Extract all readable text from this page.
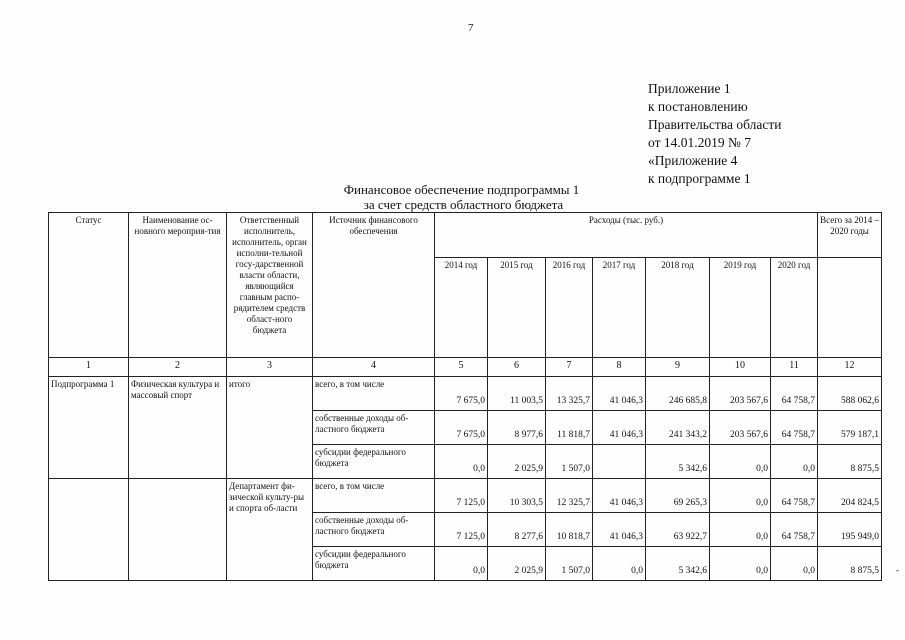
7
Приложение 1
к постановлению
Правительства области
от 14.01.2019 № 7
«Приложение 4
к подпрограмме 1
Финансовое обеспечение подпрограммы 1
за счет средств областного бюджета
Статус	Наименование ос-новного мероприя-тия	Ответственный исполнитель, исполнитель, орган исполни-тельной госу-дарственной власти области, являющийся главным распо-рядителем средств област-ного бюджета	Источник финансового обеспечения	Расходы (тыс. руб.)							Всего за 2014 – 2020 годы
				2014 год	2015 год	2016 год	2017 год	2018 год	2019 год	2020 год	
1	2	3	4	5	6	7	8	9	10	11	12
Подпрограмма 1	Физическая культура и массовый спорт	итого	всего, в том числе	7 675,0	11 003,5	13 325,7	41 046,3	246 685,8	203 567,6	64 758,7	588 062,6
			собственные доходы об-ластного бюджета	7 675,0	8 977,6	11 818,7	41 046,3	241 343,2	203 567,6	64 758,7	579 187,1
			субсидии федерального бюджета	0,0	2 025,9	1 507,0		5 342,6	0,0	0,0	8 875,5
		Департамент фи-зической культу-ры и спорта об-ласти	всего, в том числе	7 125,0	10 303,5	12 325,7	41 046,3	69 265,3	0,0	64 758,7	204 824,5
			собственные доходы об-ластного бюджета	7 125,0	8 277,6	10 818,7	41 046,3	63 922,7	0,0	64 758,7	195 949,0
			субсидии федерального бюджета	0,0	2 025,9	1 507,0	0,0	5 342,6	0,0	0,0	8 875,5 -
